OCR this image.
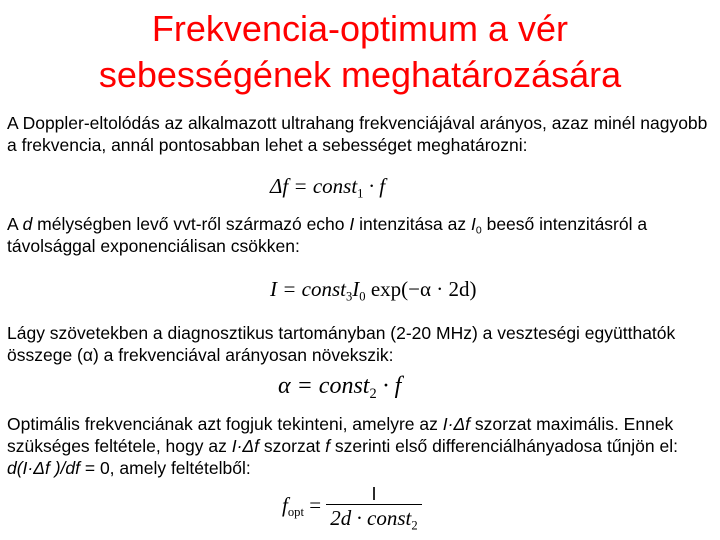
Frekvencia-optimum a vér
sebességének meghatározására
A Doppler-eltolódás az alkalmazott ultrahang frekvenciájával arányos, azaz minél nagyobb a frekvencia, annál pontosabban lehet a sebességet meghatározni:
Δf = const$_1$ · f
A d mélységben levő vvt-ről származó echo I intenzitása az $I_0$ beeső intenzitásról a távolsággal exponenciálisan csökken:
$I = const_3I_0$ exp(−α · 2d)
Lágy szövetekben a diagnosztikus tartományban (2-20 MHz) a veszteségi együtthatók összege (α) a frekvenciával arányosan növekszik:
α = const$_2$ · f
Optimális frekvenciának azt fogjuk tekinteni, amelyre az I·Δf szorzat maximális. Ennek szükséges feltétele, hogy az I·Δf szorzat f szerinti első differenciálhányadosa tűnjön el: d(I·Δf )/df = 0, amely feltételből:
$f_{opt} = \frac{I}{2d \cdot const_2}$
